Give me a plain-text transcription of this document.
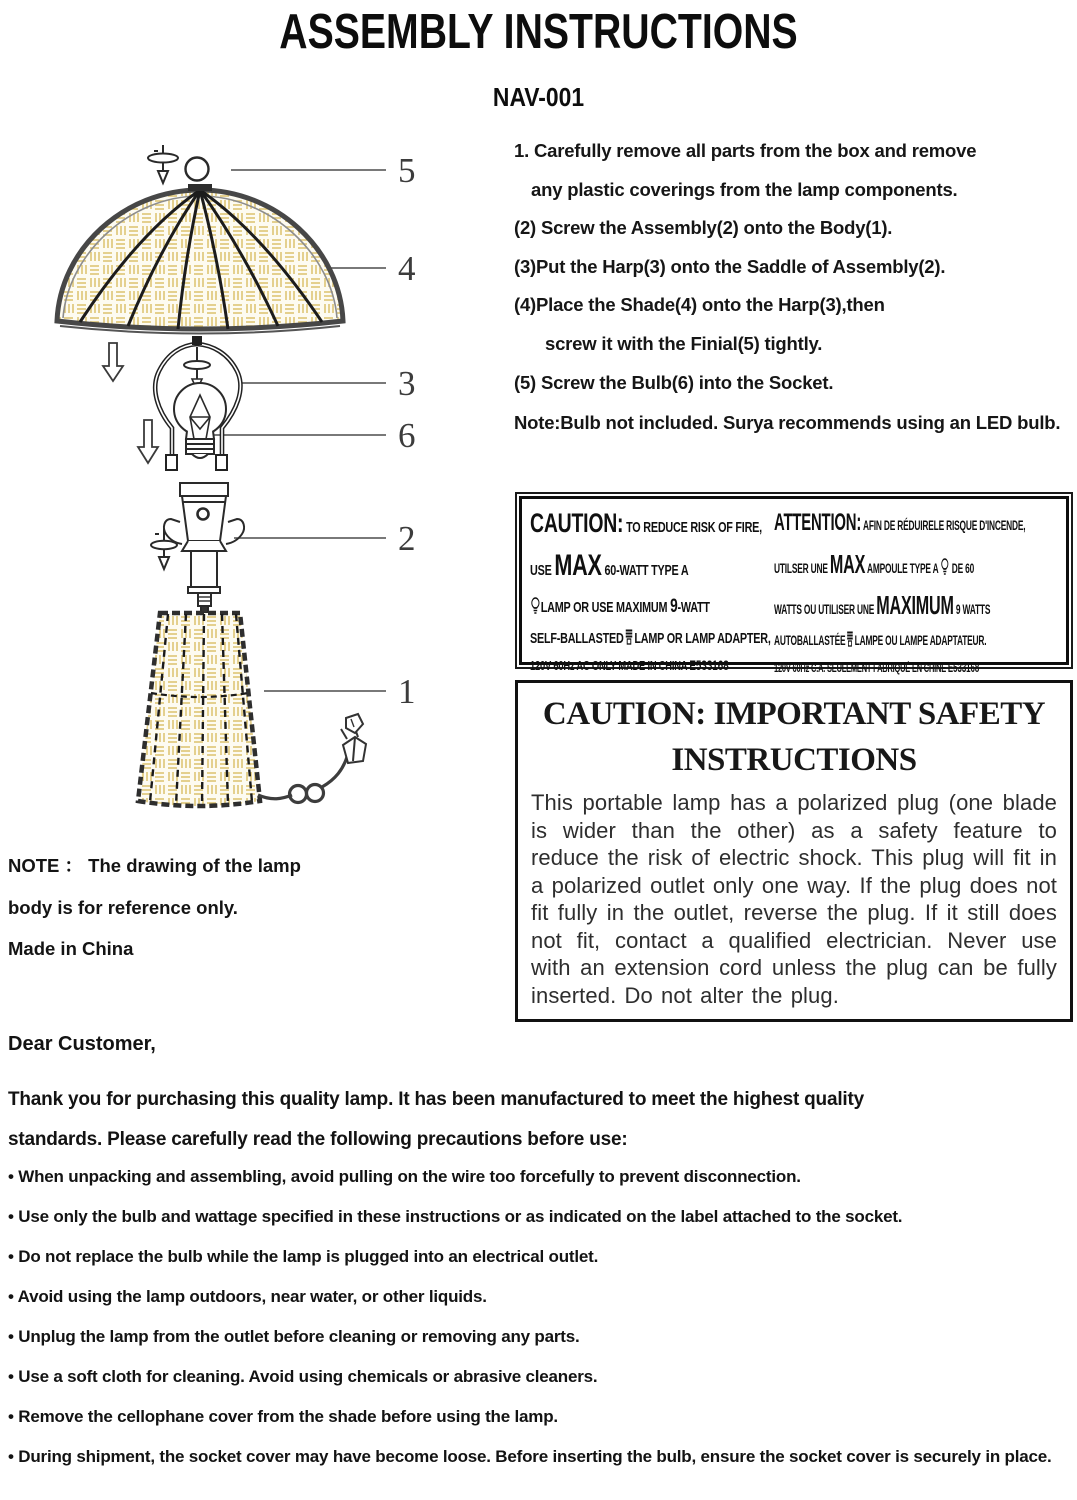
ASSEMBLY INSTRUCTIONS
NAV-001
5
4
3
6
2
1
1. Carefully remove all parts from the box and remove
any plastic coverings from the lamp components.
(2) Screw the Assembly(2) onto the Body(1).
(3)Put the Harp(3) onto the Saddle of Assembly(2).
(4)Place the Shade(4) onto the Harp(3),then
screw it with the Finial(5) tightly.
(5) Screw the Bulb(6) into the Socket.
Note:Bulb not included. Surya recommends using an LED bulb.
CAUTION: TO REDUCE RISK OF FIRE,
USE MAX 60-WATT TYPE A
LAMP OR USE MAXIMUM 9-WATT
SELF-BALLASTED LAMP OR LAMP ADAPTER,
120V 60Hz AC ONLY MADE IN CHINA E533168
ATTENTION: AFIN DE RÉDUIRELE RISQUE D'INCENDE,
UTILSER UNE MAX AMPOULE TYPE A DE 60
WATTS OU UTILISER UNE MAXIMUM 9 WATTS
AUTOBALLASTÉE LAMPE OU LAMPE ADAPTATEUR.
120V 60Hz C.A. SEULEMENT FABRIQUÉ EN CHINE E533168
CAUTION: IMPORTANT SAFETY
INSTRUCTIONS
This portable lamp has a polarized plug (one blade is wider than the other) as a safety feature to reduce the risk of electric shock. This plug will fit in a polarized outlet only one way. If the plug does not fit fully in the outlet, reverse the plug. If it still does not fit, contact a qualified electrician. Never use with an extension cord unless the plug can be fully inserted. Do not alter the plug.
NOTE ： The drawing of the lamp
body is for reference only.
Made in China
Dear Customer,
Thank you for purchasing this quality lamp. It has been manufactured to meet the highest quality
standards. Please carefully read the following precautions before use:
• When unpacking and assembling, avoid pulling on the wire too forcefully to prevent disconnection.
• Use only the bulb and wattage specified in these instructions or as indicated on the label attached to the socket.
• Do not replace the bulb while the lamp is plugged into an electrical outlet.
• Avoid using the lamp outdoors, near water, or other liquids.
• Unplug the lamp from the outlet before cleaning or removing any parts.
• Use a soft cloth for cleaning. Avoid using chemicals or abrasive cleaners.
• Remove the cellophane cover from the shade before using the lamp.
• During shipment, the socket cover may have become loose. Before inserting the bulb, ensure the socket cover is securely in place.
